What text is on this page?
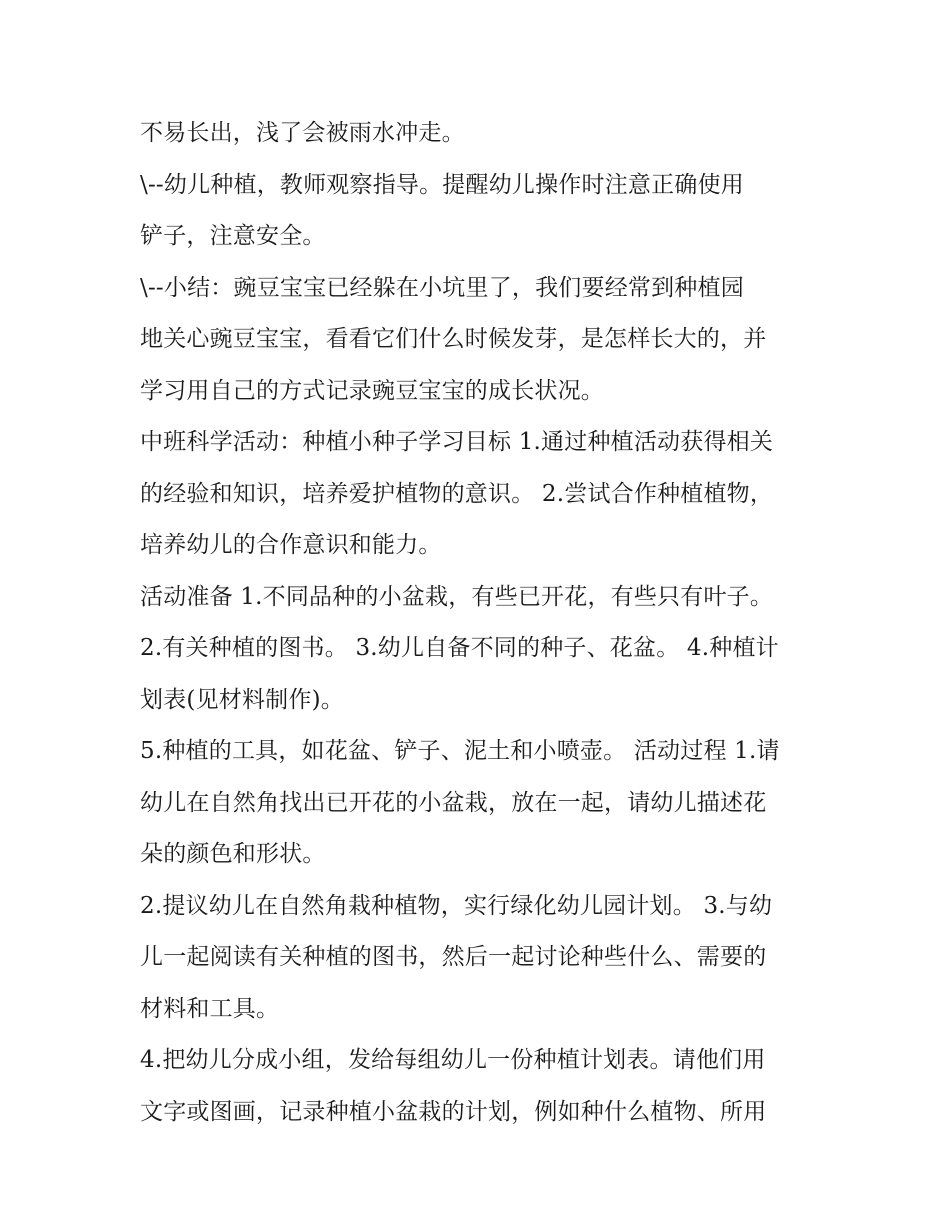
不易长出，浅了会被雨水冲走。

\--幼儿种植，教师观察指导。提醒幼儿操作时注意正确使用
铲子，注意安全。

\--小结：豌豆宝宝已经躲在小坑里了，我们要经常到种植园
地关心豌豆宝宝，看看它们什么时候发芽，是怎样长大的，并
学习用自己的方式记录豌豆宝宝的成长状况。

中班科学活动：种植小种子学习目标 1.通过种植活动获得相关
的经验和知识，培养爱护植物的意识。 2.尝试合作种植植物，
培养幼儿的合作意识和能力。

活动准备 1.不同品种的小盆栽，有些已开花，有些只有叶子。
2.有关种植的图书。 3.幼儿自备不同的种子、花盆。 4.种植计
划表(见材料制作)。

5.种植的工具，如花盆、铲子、泥土和小喷壶。 活动过程 1.请
幼儿在自然角找出已开花的小盆栽，放在一起，请幼儿描述花
朵的颜色和形状。

2.提议幼儿在自然角栽种植物，实行绿化幼儿园计划。 3.与幼
儿一起阅读有关种植的图书，然后一起讨论种些什么、需要的
材料和工具。

4.把幼儿分成小组，发给每组幼儿一份种植计划表。请他们用
文字或图画，记录种植小盆栽的计划，例如种什么植物、所用
